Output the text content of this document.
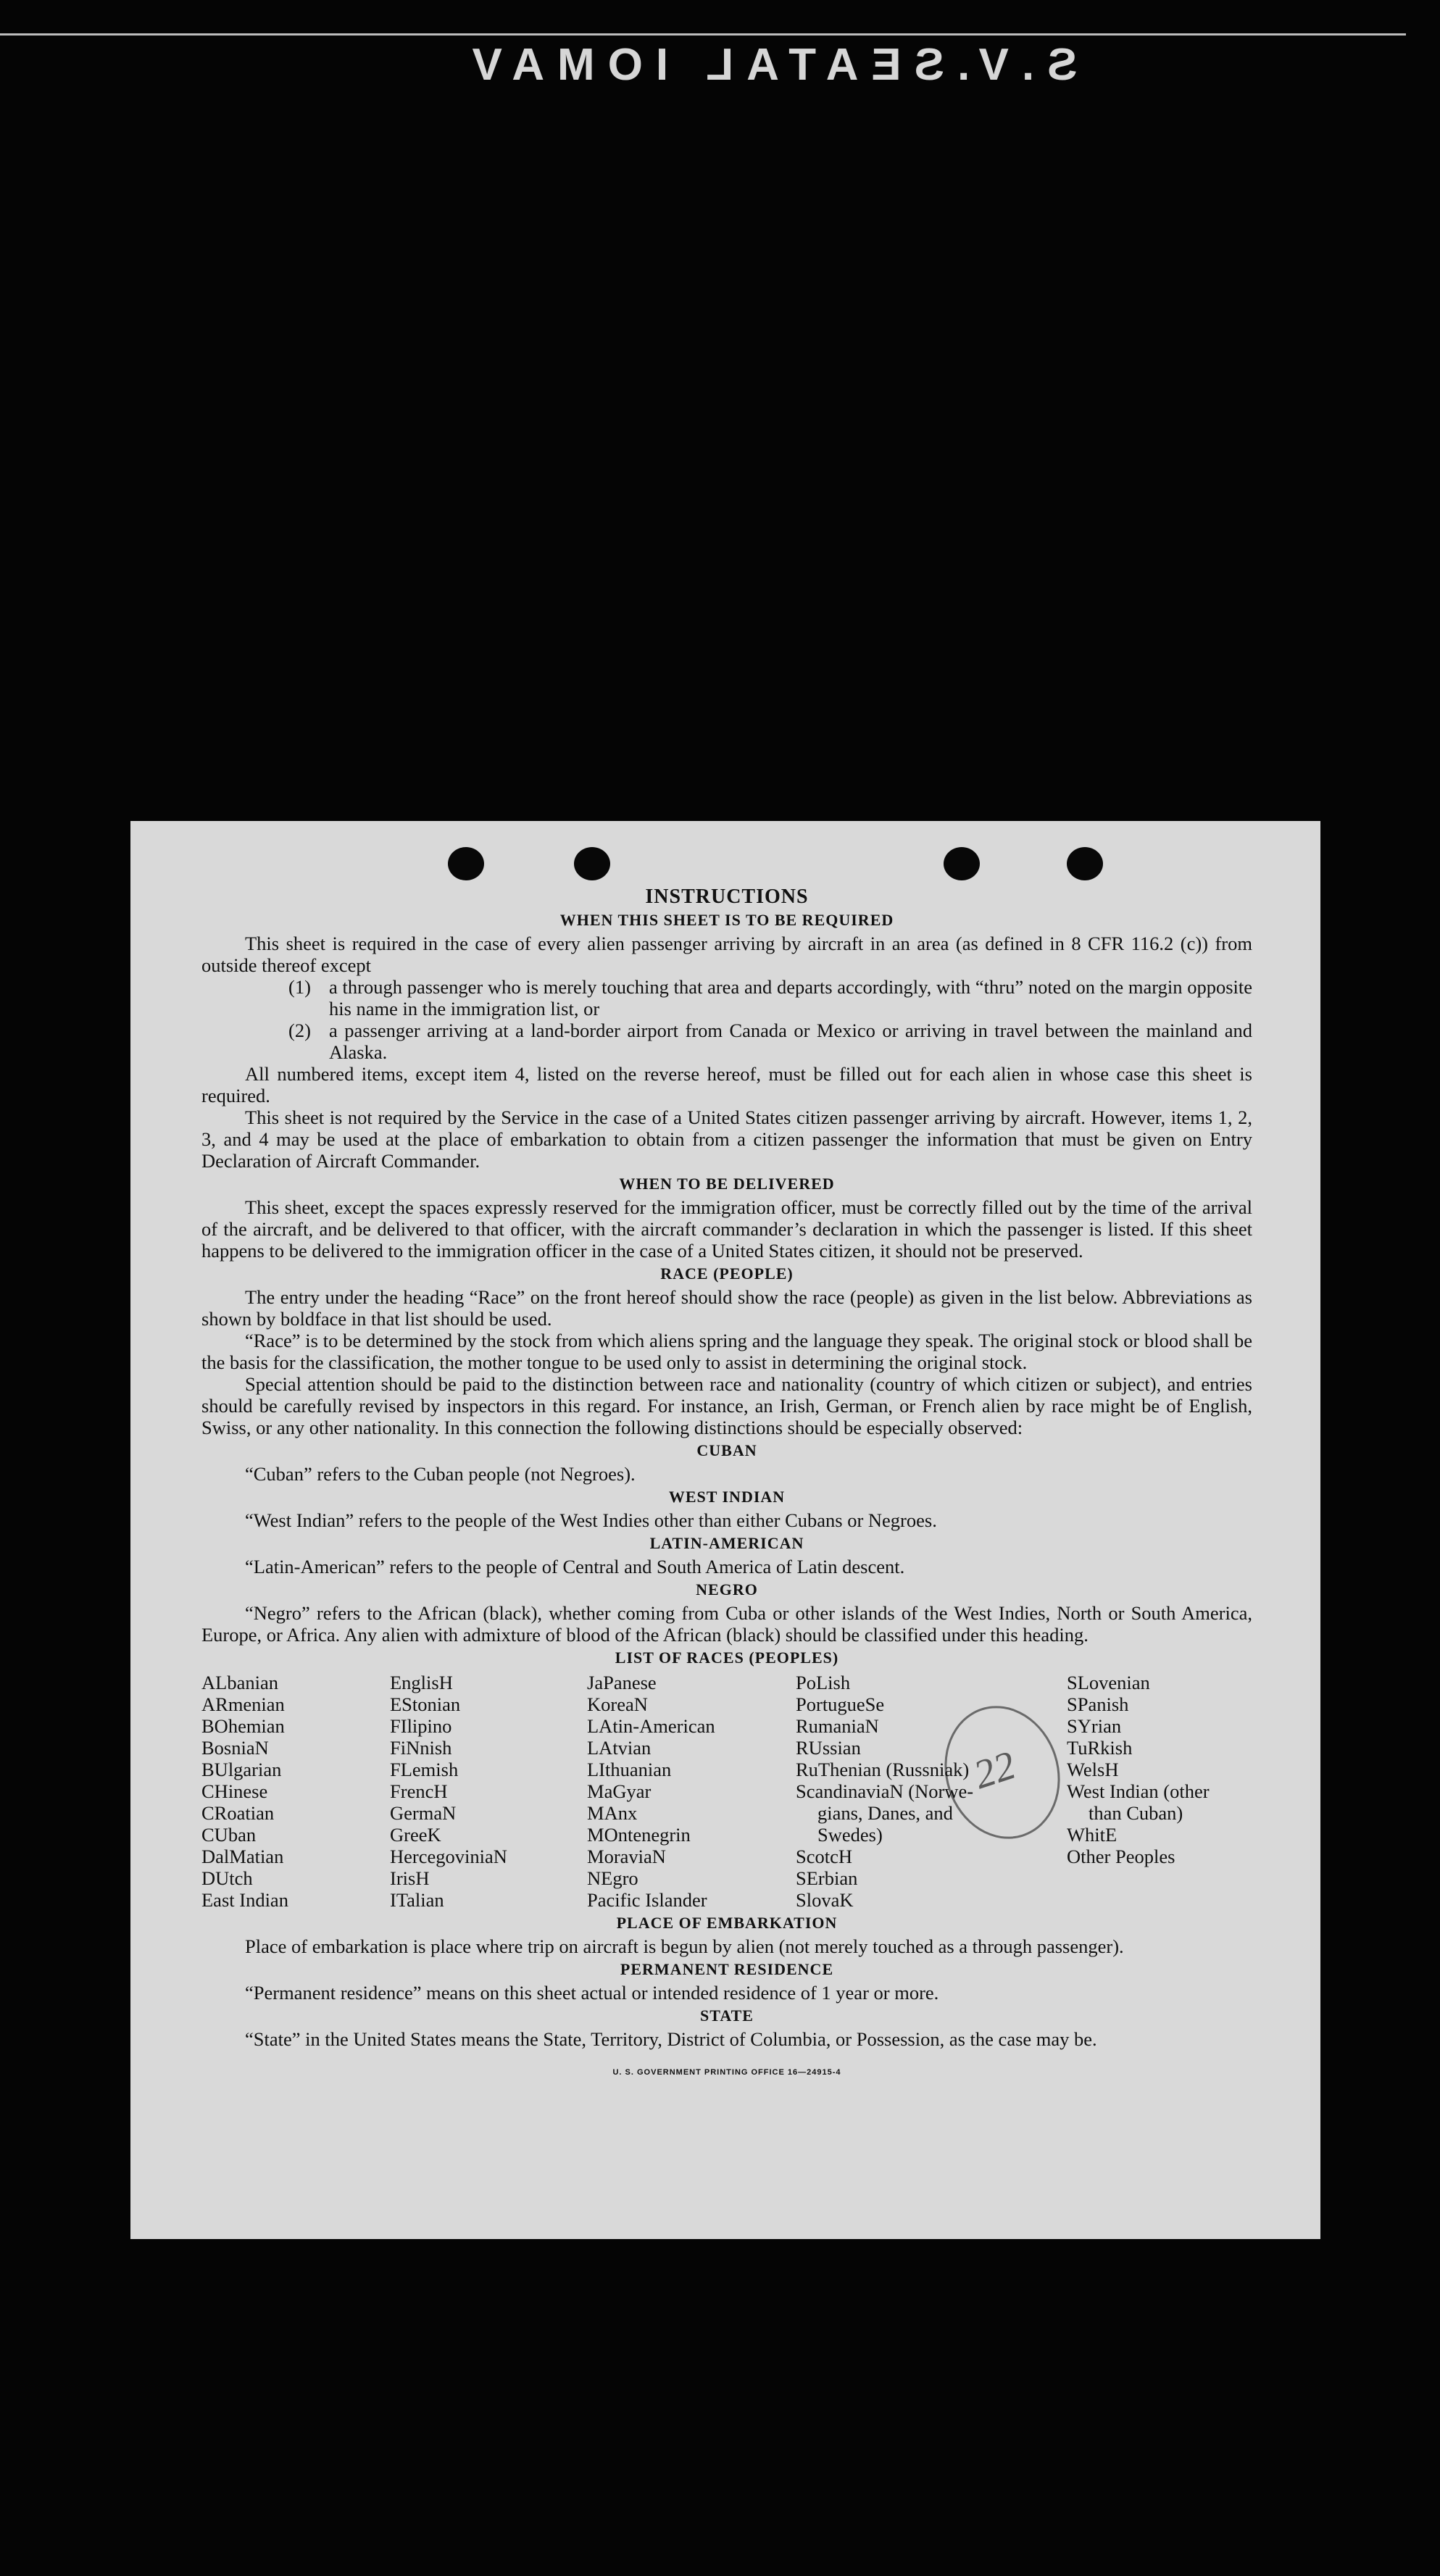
S.V.SEATAL IOMAV
22
INSTRUCTIONS
WHEN THIS SHEET IS TO BE REQUIRED

This sheet is required in the case of every alien passenger arriving by aircraft in an area (as defined in 8 CFR 116.2 (c)) from outside thereof except

(1) a through passenger who is merely touching that area and departs accordingly, with “thru” noted on the margin opposite his name in the immigration list, or
(2) a passenger arriving at a land-border airport from Canada or Mexico or arriving in travel between the mainland and Alaska.

All numbered items, except item 4, listed on the reverse hereof, must be filled out for each alien in whose case this sheet is required.

This sheet is not required by the Service in the case of a United States citizen passenger arriving by aircraft. However, items 1, 2, 3, and 4 may be used at the place of embarkation to obtain from a citizen passenger the information that must be given on Entry Declaration of Aircraft Commander.

WHEN TO BE DELIVERED

This sheet, except the spaces expressly reserved for the immigration officer, must be correctly filled out by the time of the arrival of the aircraft, and be delivered to that officer, with the aircraft commander’s declaration in which the passenger is listed. If this sheet happens to be delivered to the immigration officer in the case of a United States citizen, it should not be preserved.

RACE (PEOPLE)

The entry under the heading “Race” on the front hereof should show the race (people) as given in the list below. Abbreviations as shown by boldface in that list should be used.

“Race” is to be determined by the stock from which aliens spring and the language they speak. The original stock or blood shall be the basis for the classification, the mother tongue to be used only to assist in determining the original stock.

Special attention should be paid to the distinction between race and nationality (country of which citizen or subject), and entries should be carefully revised by inspectors in this regard. For instance, an Irish, German, or French alien by race might be of English, Swiss, or any other nationality. In this connection the following distinctions should be especially observed:

CUBAN

“Cuban” refers to the Cuban people (not Negroes).

WEST INDIAN

“West Indian” refers to the people of the West Indies other than either Cubans or Negroes.

LATIN-AMERICAN

“Latin-American” refers to the people of Central and South America of Latin descent.

NEGRO

“Negro” refers to the African (black), whether coming from Cuba or other islands of the West Indies, North or South America, Europe, or Africa. Any alien with admixture of blood of the African (black) should be classified under this heading.

LIST OF RACES (PEOPLES)
ALbanian
ARmenian
BOhemian
BosniaN
BUlgarian
CHinese
CRoatian
CUban
DalMatian
DUtch
East Indian
EnglisH
EStonian
FIlipino
FiNnish
FLemish
FrencH
GermaN
GreeK
HercegoviniaN
IrisH
ITalian
JaPanese
KoreaN
LAtin-American
LAtvian
LIthuanian
MaGyar
MAnx
MOntenegrin
MoraviaN
NEgro
Pacific Islander
PoLish
PortugueSe
RumaniaN
RUssian
RuThenian (Russniak)
ScandinaviaN (Norwe-
gians, Danes, and
Swedes)
ScotcH
SErbian
SlovaK
SLovenian
SPanish
SYrian
TuRkish
WelsH
West Indian (other
than Cuban)
WhitE
Other Peoples
PLACE OF EMBARKATION

Place of embarkation is place where trip on aircraft is begun by alien (not merely touched as a through passenger).

PERMANENT RESIDENCE

“Permanent residence” means on this sheet actual or intended residence of 1 year or more.

STATE

“State” in the United States means the State, Territory, District of Columbia, or Possession, as the case may be.

U. S. GOVERNMENT PRINTING OFFICE 16—24915-4
